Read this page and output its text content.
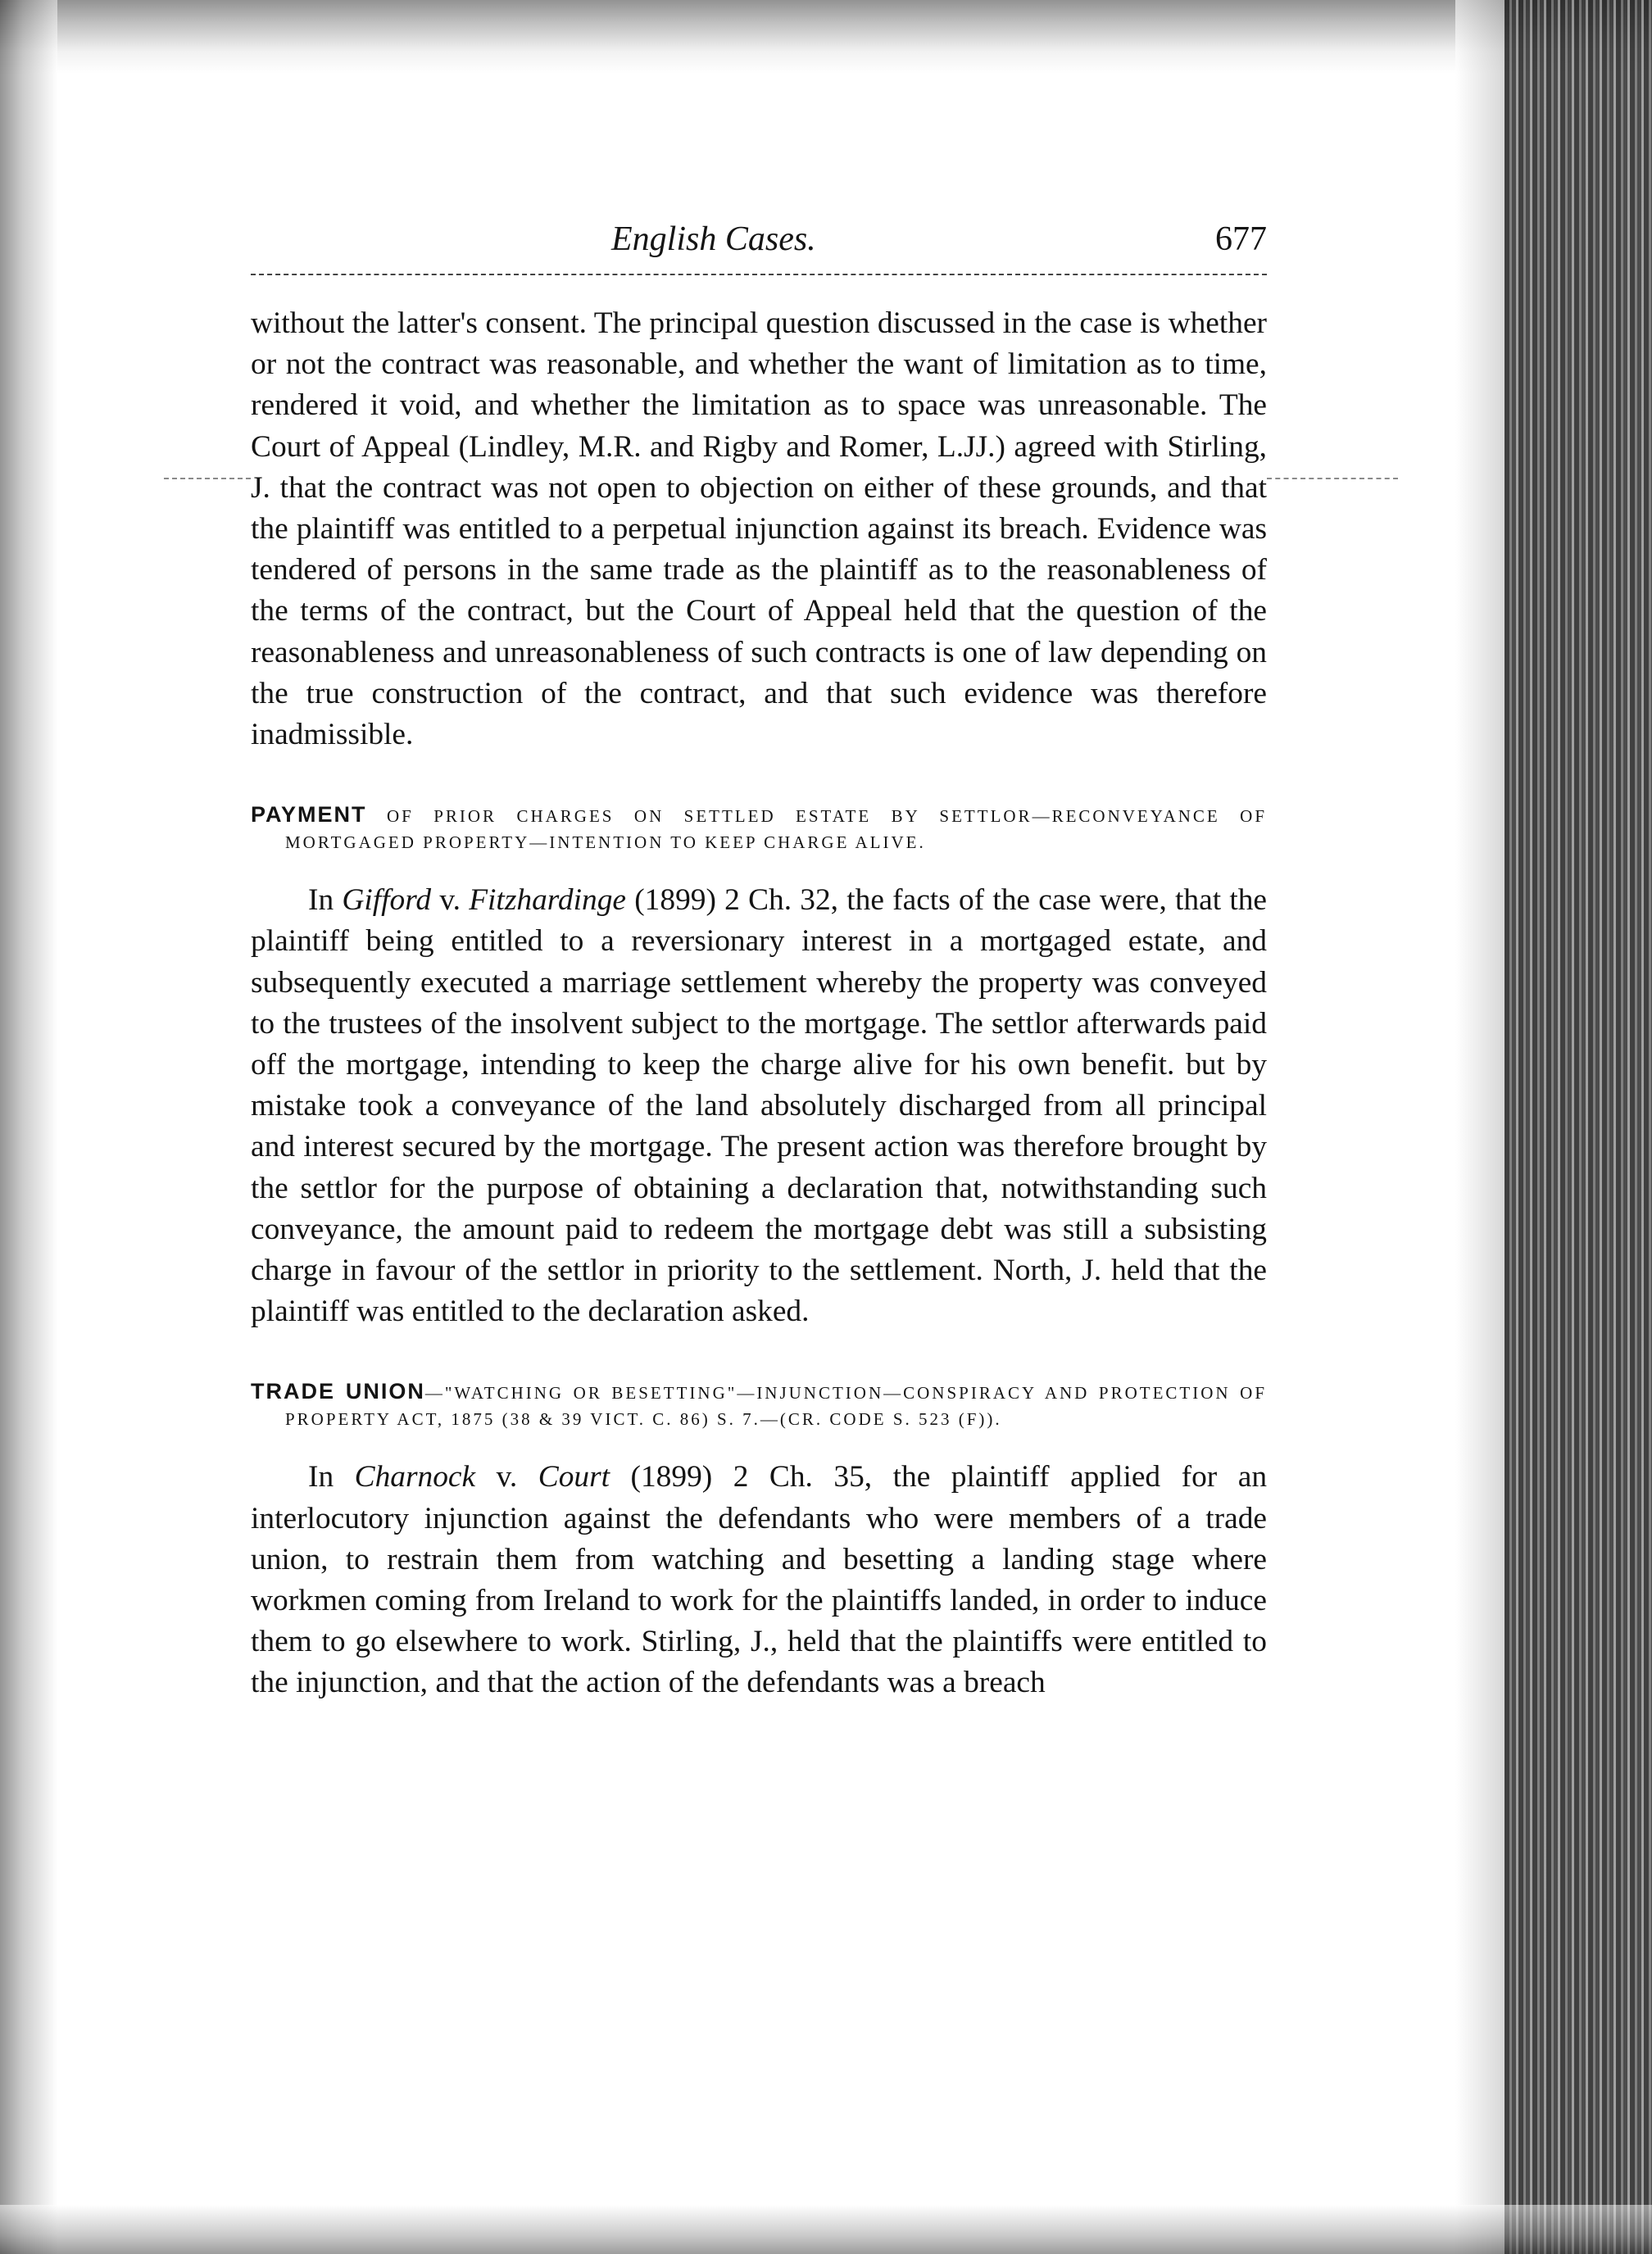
English Cases.	677

without the latter's consent. The principal question discussed in the case is whether or not the contract was reasonable, and whether the want of limitation as to time, rendered it void, and whether the limitation as to space was unreasonable. The Court of Appeal (Lindley, M.R. and Rigby and Romer, L.JJ.) agreed with Stirling, J. that the contract was not open to objection on either of these grounds, and that the plaintiff was entitled to a perpetual injunction against its breach. Evidence was tendered of persons in the same trade as the plaintiff as to the reasonableness of the terms of the contract, but the Court of Appeal held that the question of the reasonableness and unreasonableness of such contracts is one of law depending on the true construction of the contract, and that such evidence was therefore inadmissible.

PAYMENT OF PRIOR CHARGES ON SETTLED ESTATE BY SETTLOR—RECONVEYANCE OF MORTGAGED PROPERTY—INTENTION TO KEEP CHARGE ALIVE.

In Gifford v. Fitzhardinge (1899) 2 Ch. 32, the facts of the case were, that the plaintiff being entitled to a reversionary interest in a mortgaged estate, and subsequently executed a marriage settlement whereby the property was conveyed to the trustees of the insolvent subject to the mortgage. The settlor afterwards paid off the mortgage, intending to keep the charge alive for his own benefit. but by mistake took a conveyance of the land absolutely discharged from all principal and interest secured by the mortgage. The present action was therefore brought by the settlor for the purpose of obtaining a declaration that, notwithstanding such conveyance, the amount paid to redeem the mortgage debt was still a subsisting charge in favour of the settlor in priority to the settlement. North, J. held that the plaintiff was entitled to the declaration asked.

TRADE UNION—"WATCHING OR BESETTING"—INJUNCTION—CONSPIRACY AND PROTECTION OF PROPERTY ACT, 1875 (38 & 39 VICT. C. 86) S. 7.—(CR. CODE S. 523 (F)).

In Charnock v. Court (1899) 2 Ch. 35, the plaintiff applied for an interlocutory injunction against the defendants who were members of a trade union, to restrain them from watching and besetting a landing stage where workmen coming from Ireland to work for the plaintiffs landed, in order to induce them to go elsewhere to work. Stirling, J., held that the plaintiffs were entitled to the injunction, and that the action of the defendants was a breach
